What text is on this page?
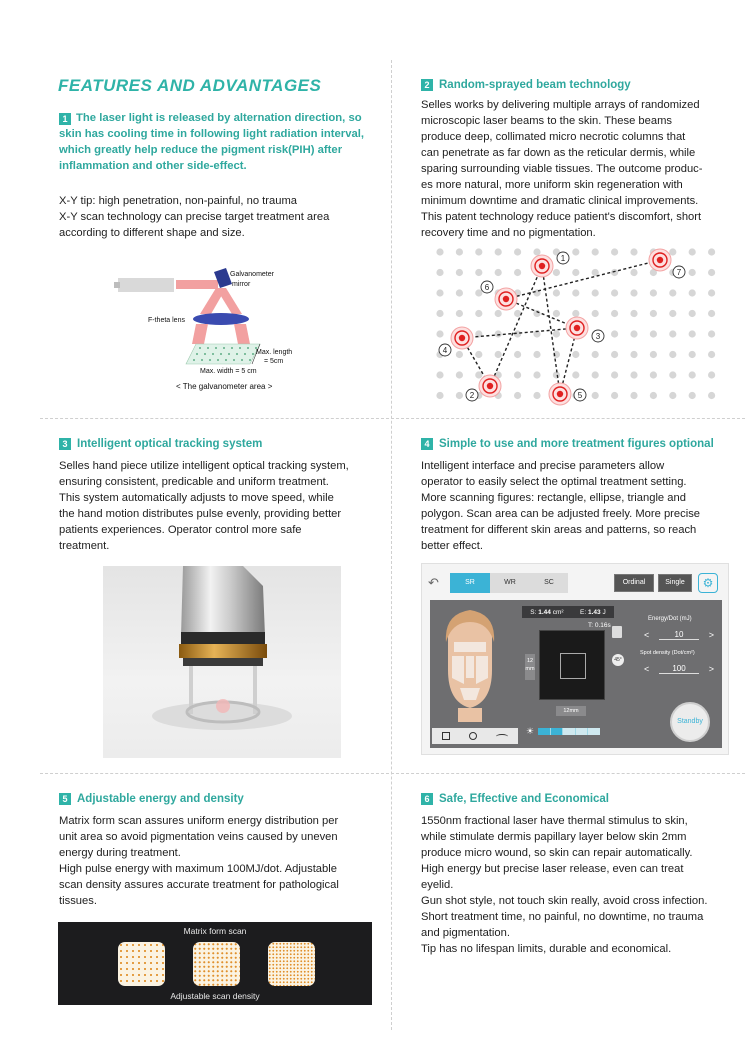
FEATURES AND ADVANTAGES
1 The laser light is released by alternation direction, so

skin has cooling time in following light radiation interval,

which greatly help reduce the pigment risk(PIH) after

inflammation and other side-effect.

X-Y tip: high penetration, non-painful, no trauma

X-Y scan technology can precise target treatment area

according to different shape and size.

Galvanometer
mirror
F-theta lens
Max. length
= 5cm
Max. width = 5 cm
< The galvanometer area >
2 Random-sprayed beam technology

Selles works by delivering multiple arrays of randomized

microscopic laser beams to the skin. These beams

produce deep, collimated micro necrotic columns that

can penetrate as far down as the reticular dermis, while

sparing surrounding viable tissues. The outcome produc-

es more natural, more uniform skin regeneration with

minimum downtime and dramatic clinical improvements.

This patent technology reduce patient's discomfort, short

recovery time and no pigmentation.

1
2
3
4
5
6
7
3 Intelligent optical tracking system

Selles hand piece utilize intelligent optical tracking system,

ensuring consistent, predicable and uniform treatment.

This system automatically adjusts to move speed, while

the hand motion distributes pulse evenly, providing better

patients experiences. Operator control more safe

treatment.

4 Simple to use and more treatment figures optional

Intelligent interface and precise parameters allow

operator to easily select the optimal treatment setting.

More scanning figures: rectangle, ellipse, triangle and

polygon. Scan area can be adjusted freely. More precise

treatment for different skin areas and patterns, so reach

better effect.

↶	SR	WR	SC	Ordinal	Single	⚙
S: 1.44 cm²	E: 1.43 J
T: 0.16s
12
mm
12mm
45°
☀
Energy/Dot (mJ)
<	10	>
Spot density (Dot/cm²)
<	100	>
Standby
5 Adjustable energy and density

Matrix form scan assures uniform energy distribution per

unit area so avoid pigmentation veins caused by uneven

energy during treatment.

High pulse energy with maximum 100MJ/dot. Adjustable

scan density assures accurate treatment for pathological

tissues.

Matrix form scan
Adjustable scan density
6 Safe, Effective and Economical

1550nm fractional laser have thermal stimulus to skin,

while stimulate dermis papillary layer below skin 2mm

produce micro wound, so skin can repair automatically.

High energy but precise laser release, even can treat

eyelid.

Gun shot style, not touch skin really, avoid cross infection.

Short treatment time, no painful, no downtime, no trauma

and pigmentation.

Tip has no lifespan limits, durable and economical.
